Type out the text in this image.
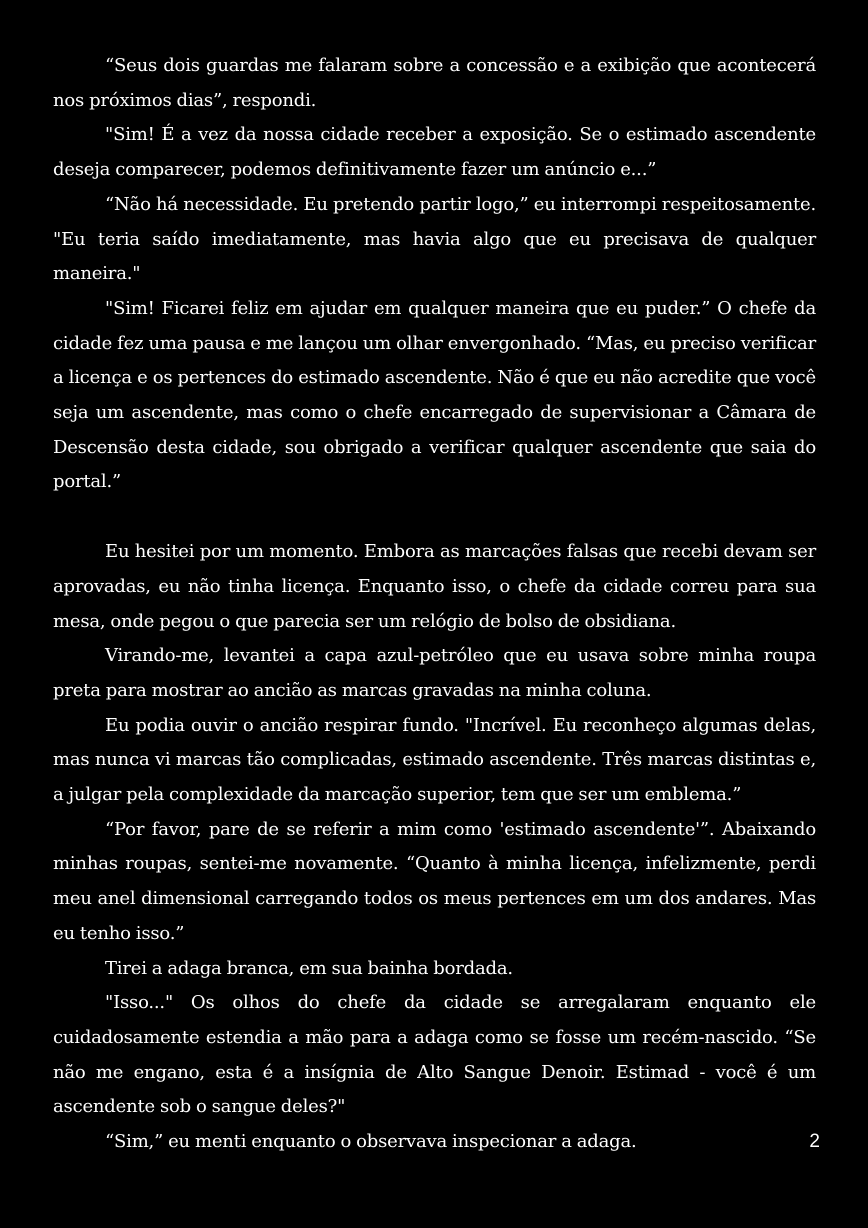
“Seus dois guardas me falaram sobre a concessão e a exibição que acontecerá nos próximos dias”, respondi.

"Sim! É a vez da nossa cidade receber a exposição. Se o estimado ascendente deseja comparecer, podemos definitivamente fazer um anúncio e...”

“Não há necessidade. Eu pretendo partir logo,” eu interrompi respeitosamente. "Eu teria saído imediatamente, mas havia algo que eu precisava de qualquer maneira."

"Sim! Ficarei feliz em ajudar em qualquer maneira que eu puder.” O chefe da cidade fez uma pausa e me lançou um olhar envergonhado. “Mas, eu preciso verificar a licença e os pertences do estimado ascendente. Não é que eu não acredite que você seja um ascendente, mas como o chefe encarregado de supervisionar a Câmara de Descensão desta cidade, sou obrigado a verificar qualquer ascendente que saia do portal.”

Eu hesitei por um momento. Embora as marcações falsas que recebi devam ser aprovadas, eu não tinha licença. Enquanto isso, o chefe da cidade correu para sua mesa, onde pegou o que parecia ser um relógio de bolso de obsidiana.

Virando-me, levantei a capa azul-petróleo que eu usava sobre minha roupa preta para mostrar ao ancião as marcas gravadas na minha coluna.

Eu podia ouvir o ancião respirar fundo. "Incrível. Eu reconheço algumas delas, mas nunca vi marcas tão complicadas, estimado ascendente. Três marcas distintas e, a julgar pela complexidade da marcação superior, tem que ser um emblema.”

“Por favor, pare de se referir a mim como 'estimado ascendente'”. Abaixando minhas roupas, sentei-me novamente. “Quanto à minha licença, infelizmente, perdi meu anel dimensional carregando todos os meus pertences em um dos andares. Mas eu tenho isso.”

Tirei a adaga branca, em sua bainha bordada.

"Isso..." Os olhos do chefe da cidade se arregalaram enquanto ele cuidadosamente estendia a mão para a adaga como se fosse um recém-nascido. “Se não me engano, esta é a insígnia de Alto Sangue Denoir. Estimad - você é um ascendente sob o sangue deles?"

“Sim,” eu menti enquanto o observava inspecionar a adaga.	2
